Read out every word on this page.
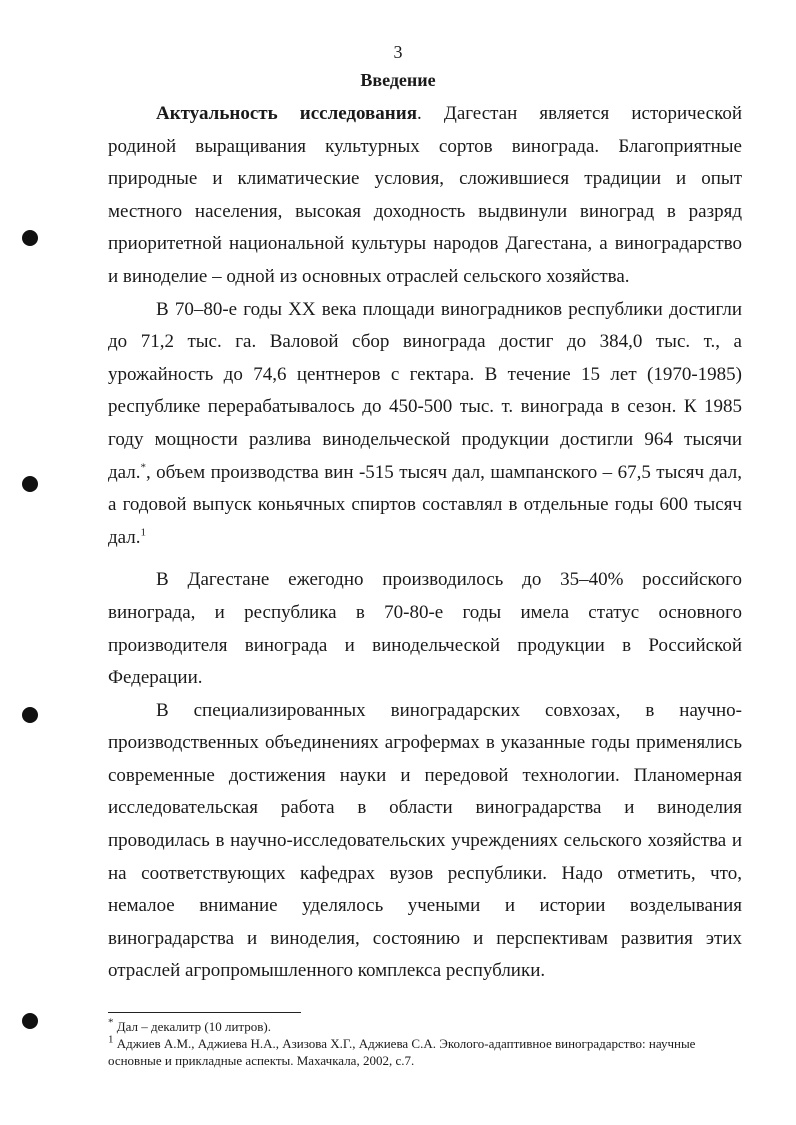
3
Введение
Актуальность исследования. Дагестан является исторической
родиной выращивания культурных сортов винограда. Благоприятные
природные и климатические условия, сложившиеся традиции и опыт
местного населения, высокая доходность выдвинули виноград в разряд
приоритетной национальной культуры народов Дагестана, а виноградарство
и виноделие – одной из основных отраслей сельского хозяйства.
В 70–80-е годы XX века площади виноградников республики достигли
до 71,2 тыс. га. Валовой сбор винограда достиг до 384,0 тыс. т., а
урожайность до 74,6 центнеров с гектара. В течение 15 лет (1970-1985)
республике перерабатывалось до 450-500 тыс. т. винограда в сезон. К 1985
году мощности разлива винодельческой продукции достигли 964 тысячи
дал.*, объем производства вин -515 тысяч дал, шампанского – 67,5 тысяч дал,
а годовой выпуск коньячных спиртов составлял в отдельные годы 600 тысяч
дал.$^1$
В Дагестане ежегодно производилось до 35–40% российского
винограда, и республика в 70-80-е годы имела статус основного
производителя винограда и винодельческой продукции в Российской
Федерации.
В специализированных виноградарских совхозах, в научно-
производственных объединениях агрофермах в указанные годы применялись
современные достижения науки и передовой технологии. Планомерная
исследовательская работа в области виноградарства и виноделия
проводилась в научно-исследовательских учреждениях сельского хозяйства и
на соответствующих кафедрах вузов республики. Надо отметить, что,
немалое внимание уделялось учеными и истории возделывания
виноградарства и виноделия, состоянию и перспективам развития этих
отраслей агропромышленного комплекса республики.
* Дал – декалитр (10 литров).
$^1$ Аджиев А.М., Аджиева Н.А., Азизова Х.Г., Аджиева С.А. Эколого-адаптивное виноградарство: научные
основные и прикладные аспекты. Махачкала, 2002, с.7.
